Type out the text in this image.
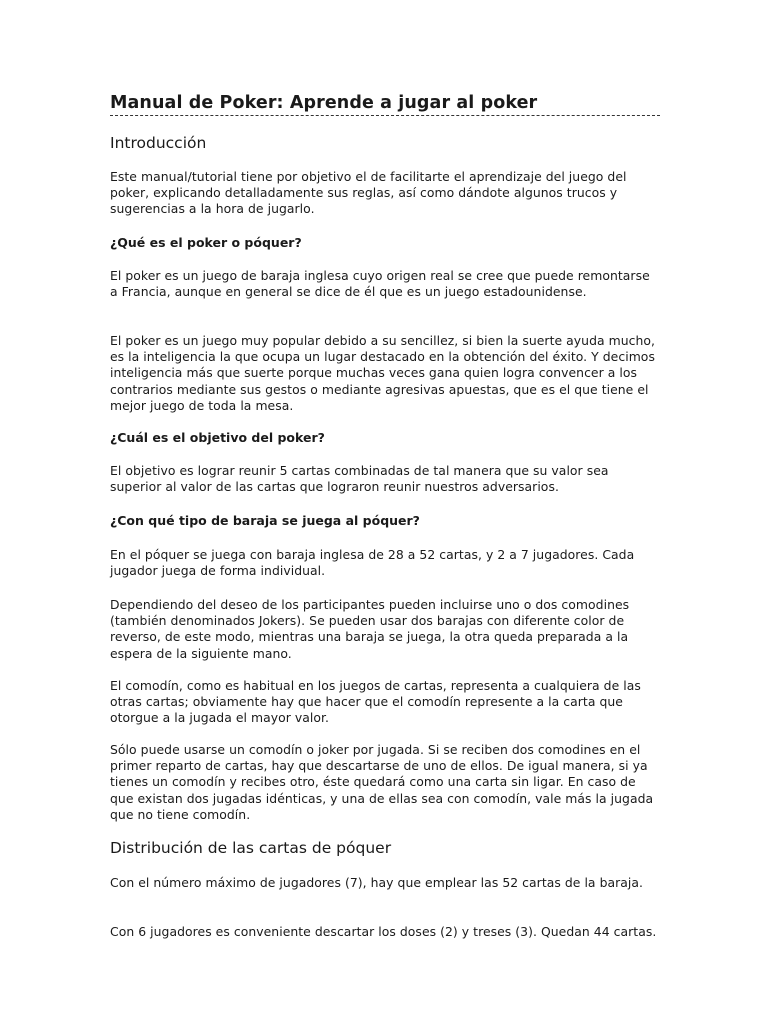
Manual de Poker: Aprende a jugar al poker
Introducción

Este manual/tutorial tiene por objetivo el de facilitarte el aprendizaje del juego del poker, explicando detalladamente sus reglas, así como dándote algunos trucos y sugerencias a la hora de jugarlo.

¿Qué es el poker o póquer?

El poker es un juego de baraja inglesa cuyo origen real se cree que puede remontarse a Francia, aunque en general se dice de él que es un juego estadounidense.

El poker es un juego muy popular debido a su sencillez, si bien la suerte ayuda mucho, es la inteligencia la que ocupa un lugar destacado en la obtención del éxito. Y decimos inteligencia más que suerte porque muchas veces gana quien logra convencer a los contrarios mediante sus gestos o mediante agresivas apuestas, que es el que tiene el mejor juego de toda la mesa.

¿Cuál es el objetivo del poker?

El objetivo es lograr reunir 5 cartas combinadas de tal manera que su valor sea superior al valor de las cartas que lograron reunir nuestros adversarios.

¿Con qué tipo de baraja se juega al póquer?

En el póquer se juega con baraja inglesa de 28 a 52 cartas, y 2 a 7 jugadores. Cada jugador juega de forma individual.

Dependiendo del deseo de los participantes pueden incluirse uno o dos comodines (también denominados Jokers). Se pueden usar dos barajas con diferente color de reverso, de este modo, mientras una baraja se juega, la otra queda preparada a la espera de la siguiente mano.

El comodín, como es habitual en los juegos de cartas, representa a cualquiera de las otras cartas; obviamente hay que hacer que el comodín represente a la carta que otorgue a la jugada el mayor valor.

Sólo puede usarse un comodín o joker por jugada. Si se reciben dos comodines en el primer reparto de cartas, hay que descartarse de uno de ellos. De igual manera, si ya tienes un comodín y recibes otro, éste quedará como una carta sin ligar. En caso de que existan dos jugadas idénticas, y una de ellas sea con comodín, vale más la jugada que no tiene comodín.

Distribución de las cartas de póquer

Con el número máximo de jugadores (7), hay que emplear las 52 cartas de la baraja.

Con 6 jugadores es conveniente descartar los doses (2) y treses (3). Quedan 44 cartas.
